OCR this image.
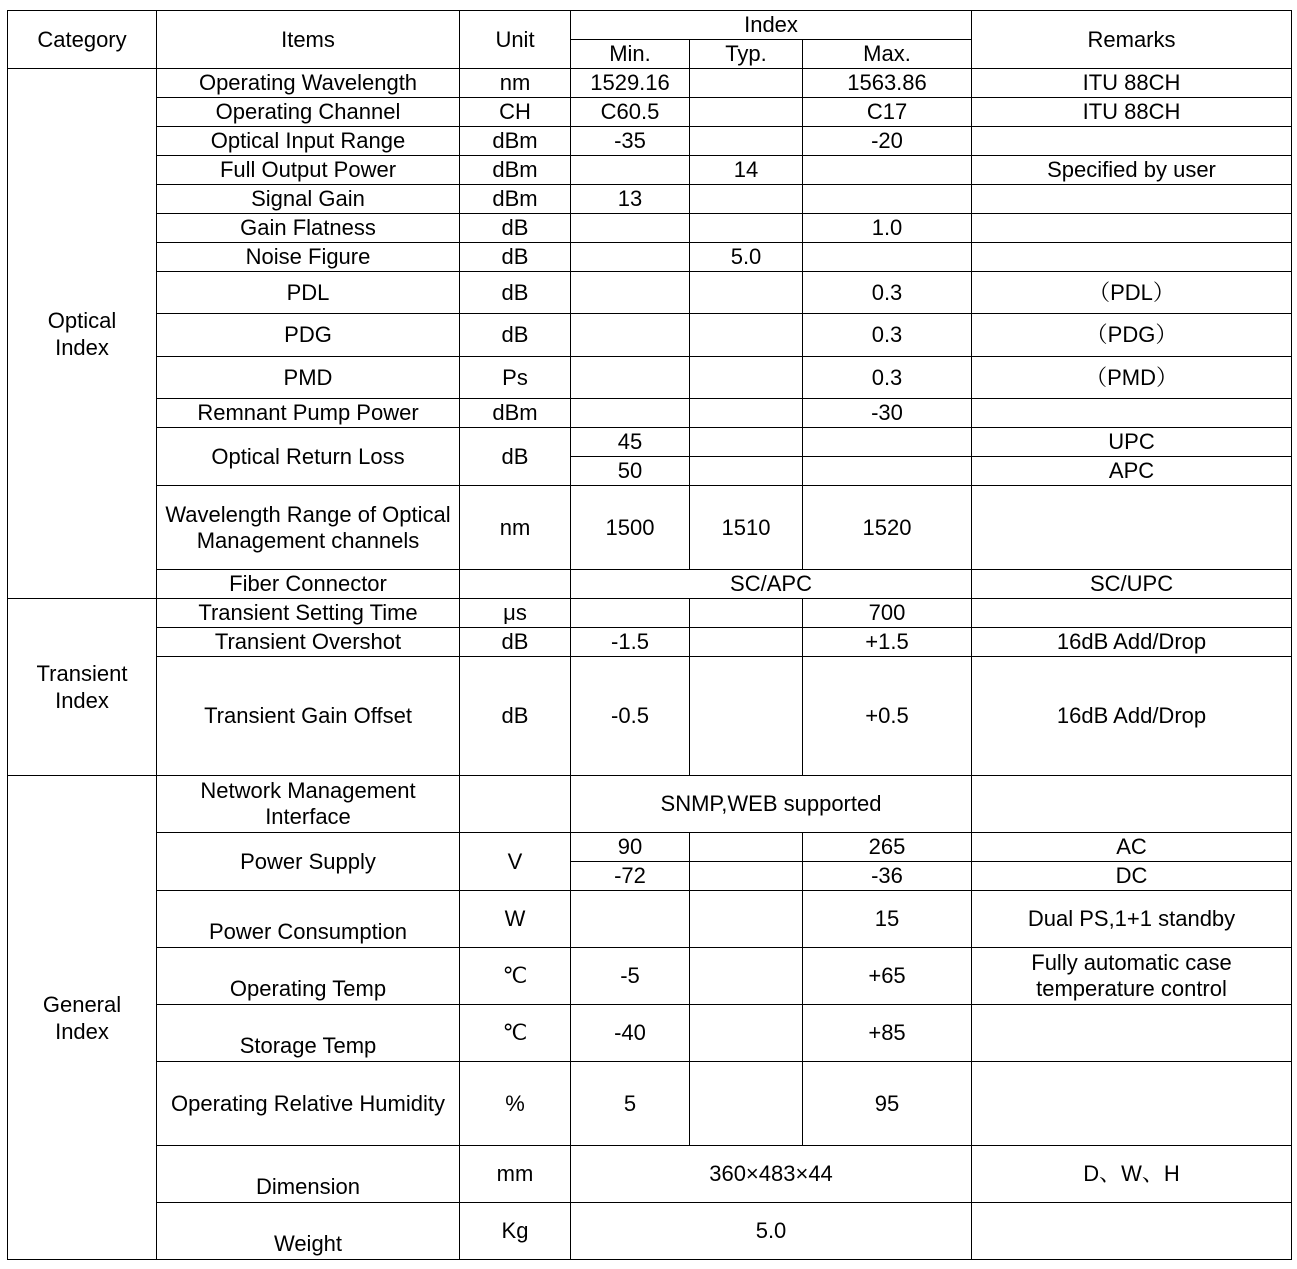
Category	Items	Unit	Index			Remarks
			Min.	Typ.	Max.	
Optical Index	Operating Wavelength	nm	1529.16		1563.86	ITU 88CH
	Operating Channel	CH	C60.5		C17	ITU 88CH
	Optical Input Range	dBm	-35		-20	
	Full Output Power	dBm		14		Specified by user
	Signal Gain	dBm	13			
	Gain Flatness	dB			1.0	
	Noise Figure	dB		5.0		
	PDL	dB			0.3	（PDL）
	PDG	dB			0.3	（PDG）
	PMD	Ps			0.3	（PMD）
	Remnant Pump Power	dBm			-30	
	Optical Return Loss	dB	45			UPC
			50			APC
	Wavelength Range of Optical Management channels	nm	1500	1510	1520	
	Fiber Connector		SC/APC			SC/UPC
Transient Index	Transient Setting Time	μs			700	
	Transient Overshot	dB	-1.5		+1.5	16dB Add/Drop
	Transient Gain Offset	dB	-0.5		+0.5	16dB Add/Drop
General Index	Network Management Interface		SNMP,WEB supported			
	Power Supply	V	90		265	AC
			-72		-36	DC
	Power Consumption	W			15	Dual PS,1+1 standby
	Operating Temp	℃	-5		+65	Fully automatic case temperature control
	Storage Temp	℃	-40		+85	
	Operating Relative Humidity	%	5		95	
	Dimension	mm	360×483×44			D、W、H
	Weight	Kg	5.0			
